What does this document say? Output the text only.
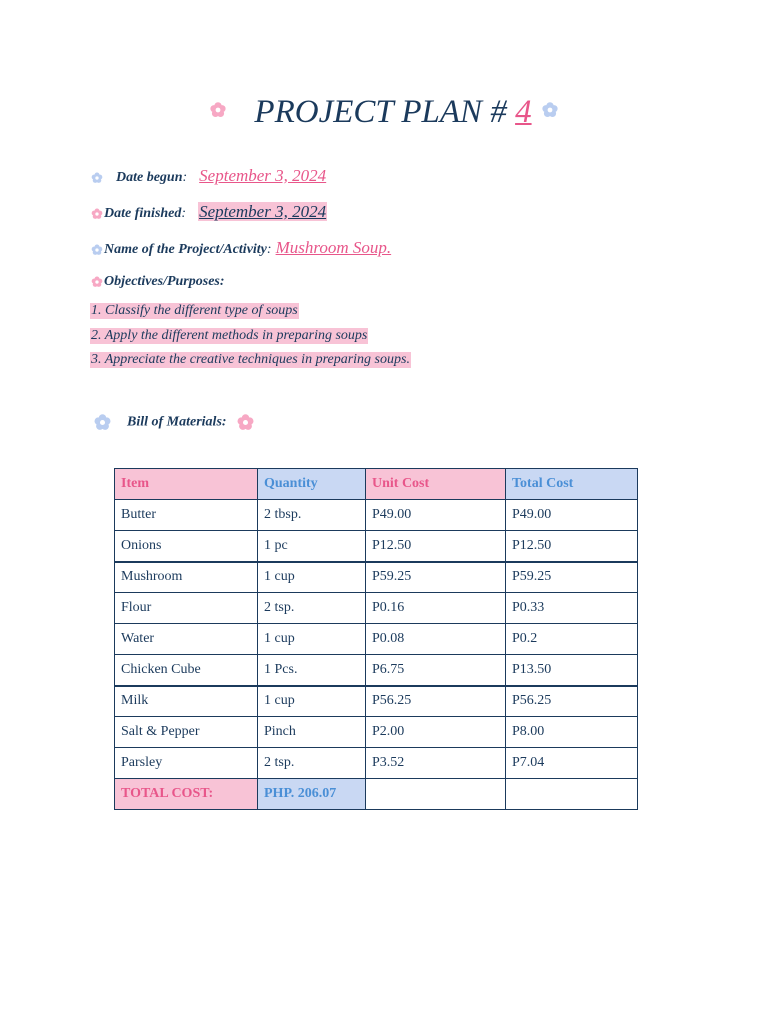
PROJECT PLAN # 4
Date begun: September 3, 2024
Date finished: September 3, 2024
Name of the Project/Activity: Mushroom Soup.
Objectives/Purposes:
1. Classify the different type of soups
2. Apply the different methods in preparing soups
3. Appreciate the creative techniques in preparing soups.
Bill of Materials:
Item	Quantity	Unit Cost	Total Cost
Butter	2 tbsp.	P49.00	P49.00
Onions	1 pc	P12.50	P12.50
Mushroom	1 cup	P59.25	P59.25
Flour	2 tsp.	P0.16	P0.33
Water	1 cup	P0.08	P0.2
Chicken Cube	1 Pcs.	P6.75	P13.50
Milk	1 cup	P56.25	P56.25
Salt & Pepper	Pinch	P2.00	P8.00
Parsley	2 tsp.	P3.52	P7.04
TOTAL COST:	PHP. 206.07		
